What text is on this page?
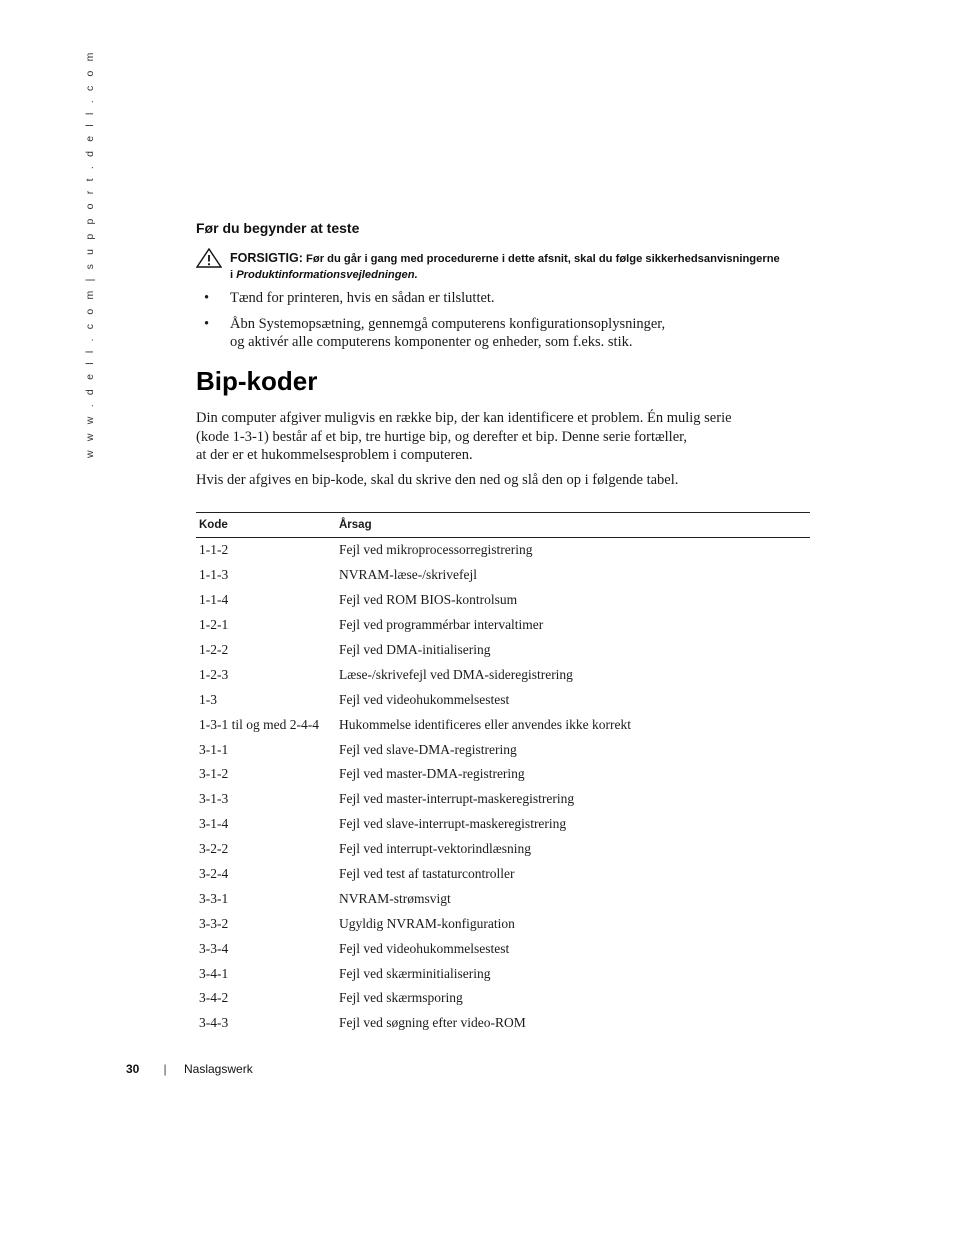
w w w . d e l l . c o m | s u p p o r t . d e l l . c o m	Før du begynder at teste
FORSIGTIG: Før du går i gang med procedurerne i dette afsnit, skal du følge sikkerhedsanvisningerne
i Produktinformationsvejledningen.
• Tænd for printeren, hvis en sådan er tilsluttet.
• Åbn Systemopsætning, gennemgå computerens konfigurationsoplysninger,
og aktivér alle computerens komponenter og enheder, som f.eks. stik.
Bip-koder
Din computer afgiver muligvis en række bip, der kan identificere et problem. Én mulig serie
(kode 1-3-1) består af et bip, tre hurtige bip, og derefter et bip. Denne serie fortæller,
at der er et hukommelsesproblem i computeren.
Hvis der afgives en bip-kode, skal du skrive den ned og slå den op i følgende tabel.
Kode	Årsag
1-1-2	Fejl ved mikroprocessorregistrering
1-1-3	NVRAM-læse-/skrivefejl
1-1-4	Fejl ved ROM BIOS-kontrolsum
1-2-1	Fejl ved programmérbar intervaltimer
1-2-2	Fejl ved DMA-initialisering
1-2-3	Læse-/skrivefejl ved DMA-sideregistrering
1-3	Fejl ved videohukommelsestest
1-3-1 til og med 2-4-4	Hukommelse identificeres eller anvendes ikke korrekt
3-1-1	Fejl ved slave-DMA-registrering
3-1-2	Fejl ved master-DMA-registrering
3-1-3	Fejl ved master-interrupt-maskeregistrering
3-1-4	Fejl ved slave-interrupt-maskeregistrering
3-2-2	Fejl ved interrupt-vektorindlæsning
3-2-4	Fejl ved test af tastaturcontroller
3-3-1	NVRAM-strømsvigt
3-3-2	Ugyldig NVRAM-konfiguration
3-3-4	Fejl ved videohukommelsestest
3-4-1	Fejl ved skærminitialisering
3-4-2	Fejl ved skærmsporing
3-4-3	Fejl ved søgning efter video-ROM
30	|	Naslagswerk
